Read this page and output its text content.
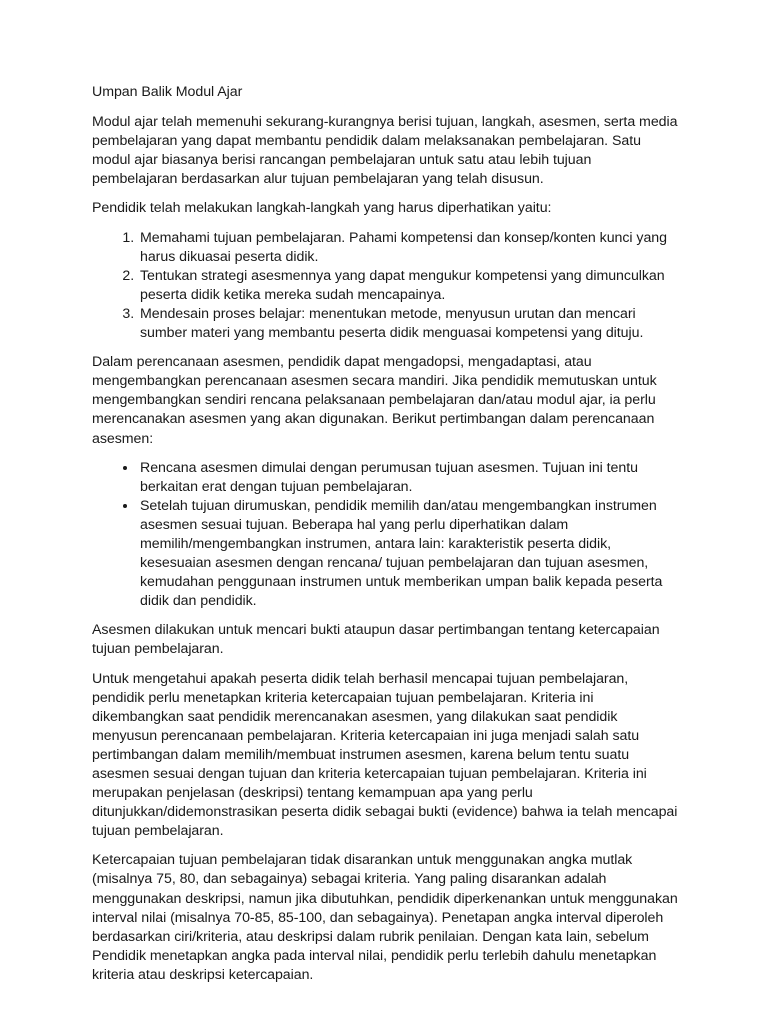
Umpan Balik Modul Ajar

Modul ajar telah memenuhi sekurang-kurangnya berisi tujuan, langkah, asesmen, serta media pembelajaran yang dapat membantu pendidik dalam melaksanakan pembelajaran. Satu modul ajar biasanya berisi rancangan pembelajaran untuk satu atau lebih tujuan pembelajaran berdasarkan alur tujuan pembelajaran yang telah disusun.

Pendidik telah melakukan langkah-langkah yang harus diperhatikan yaitu:

1. Memahami tujuan pembelajaran. Pahami kompetensi dan konsep/konten kunci yang harus dikuasai peserta didik.
2. Tentukan strategi asesmennya yang dapat mengukur kompetensi yang dimunculkan peserta didik ketika mereka sudah mencapainya.
3. Mendesain proses belajar: menentukan metode, menyusun urutan dan mencari sumber materi yang membantu peserta didik menguasai kompetensi yang dituju.

Dalam perencanaan asesmen, pendidik dapat mengadopsi, mengadaptasi, atau mengembangkan perencanaan asesmen secara mandiri. Jika pendidik memutuskan untuk mengembangkan sendiri rencana pelaksanaan pembelajaran dan/atau modul ajar, ia perlu merencanakan asesmen yang akan digunakan. Berikut pertimbangan dalam perencanaan asesmen:

• Rencana asesmen dimulai dengan perumusan tujuan asesmen. Tujuan ini tentu berkaitan erat dengan tujuan pembelajaran.
• Setelah tujuan dirumuskan, pendidik memilih dan/atau mengembangkan instrumen asesmen sesuai tujuan. Beberapa hal yang perlu diperhatikan dalam memilih/mengembangkan instrumen, antara lain: karakteristik peserta didik, kesesuaian asesmen dengan rencana/ tujuan pembelajaran dan tujuan asesmen, kemudahan penggunaan instrumen untuk memberikan umpan balik kepada peserta didik dan pendidik.

Asesmen dilakukan untuk mencari bukti ataupun dasar pertimbangan tentang ketercapaian tujuan pembelajaran.

Untuk mengetahui apakah peserta didik telah berhasil mencapai tujuan pembelajaran, pendidik perlu menetapkan kriteria ketercapaian tujuan pembelajaran. Kriteria ini dikembangkan saat pendidik merencanakan asesmen, yang dilakukan saat pendidik menyusun perencanaan pembelajaran. Kriteria ketercapaian ini juga menjadi salah satu pertimbangan dalam memilih/membuat instrumen asesmen, karena belum tentu suatu asesmen sesuai dengan tujuan dan kriteria ketercapaian tujuan pembelajaran. Kriteria ini merupakan penjelasan (deskripsi) tentang kemampuan apa yang perlu ditunjukkan/didemonstrasikan peserta didik sebagai bukti (evidence) bahwa ia telah mencapai tujuan pembelajaran.

Ketercapaian tujuan pembelajaran tidak disarankan untuk menggunakan angka mutlak (misalnya 75, 80, dan sebagainya) sebagai kriteria. Yang paling disarankan adalah menggunakan deskripsi, namun jika dibutuhkan, pendidik diperkenankan untuk menggunakan interval nilai (misalnya 70-85, 85-100, dan sebagainya). Penetapan angka interval diperoleh berdasarkan ciri/kriteria, atau deskripsi dalam rubrik penilaian. Dengan kata lain, sebelum Pendidik menetapkan angka pada interval nilai, pendidik perlu terlebih dahulu menetapkan kriteria atau deskripsi ketercapaian.
